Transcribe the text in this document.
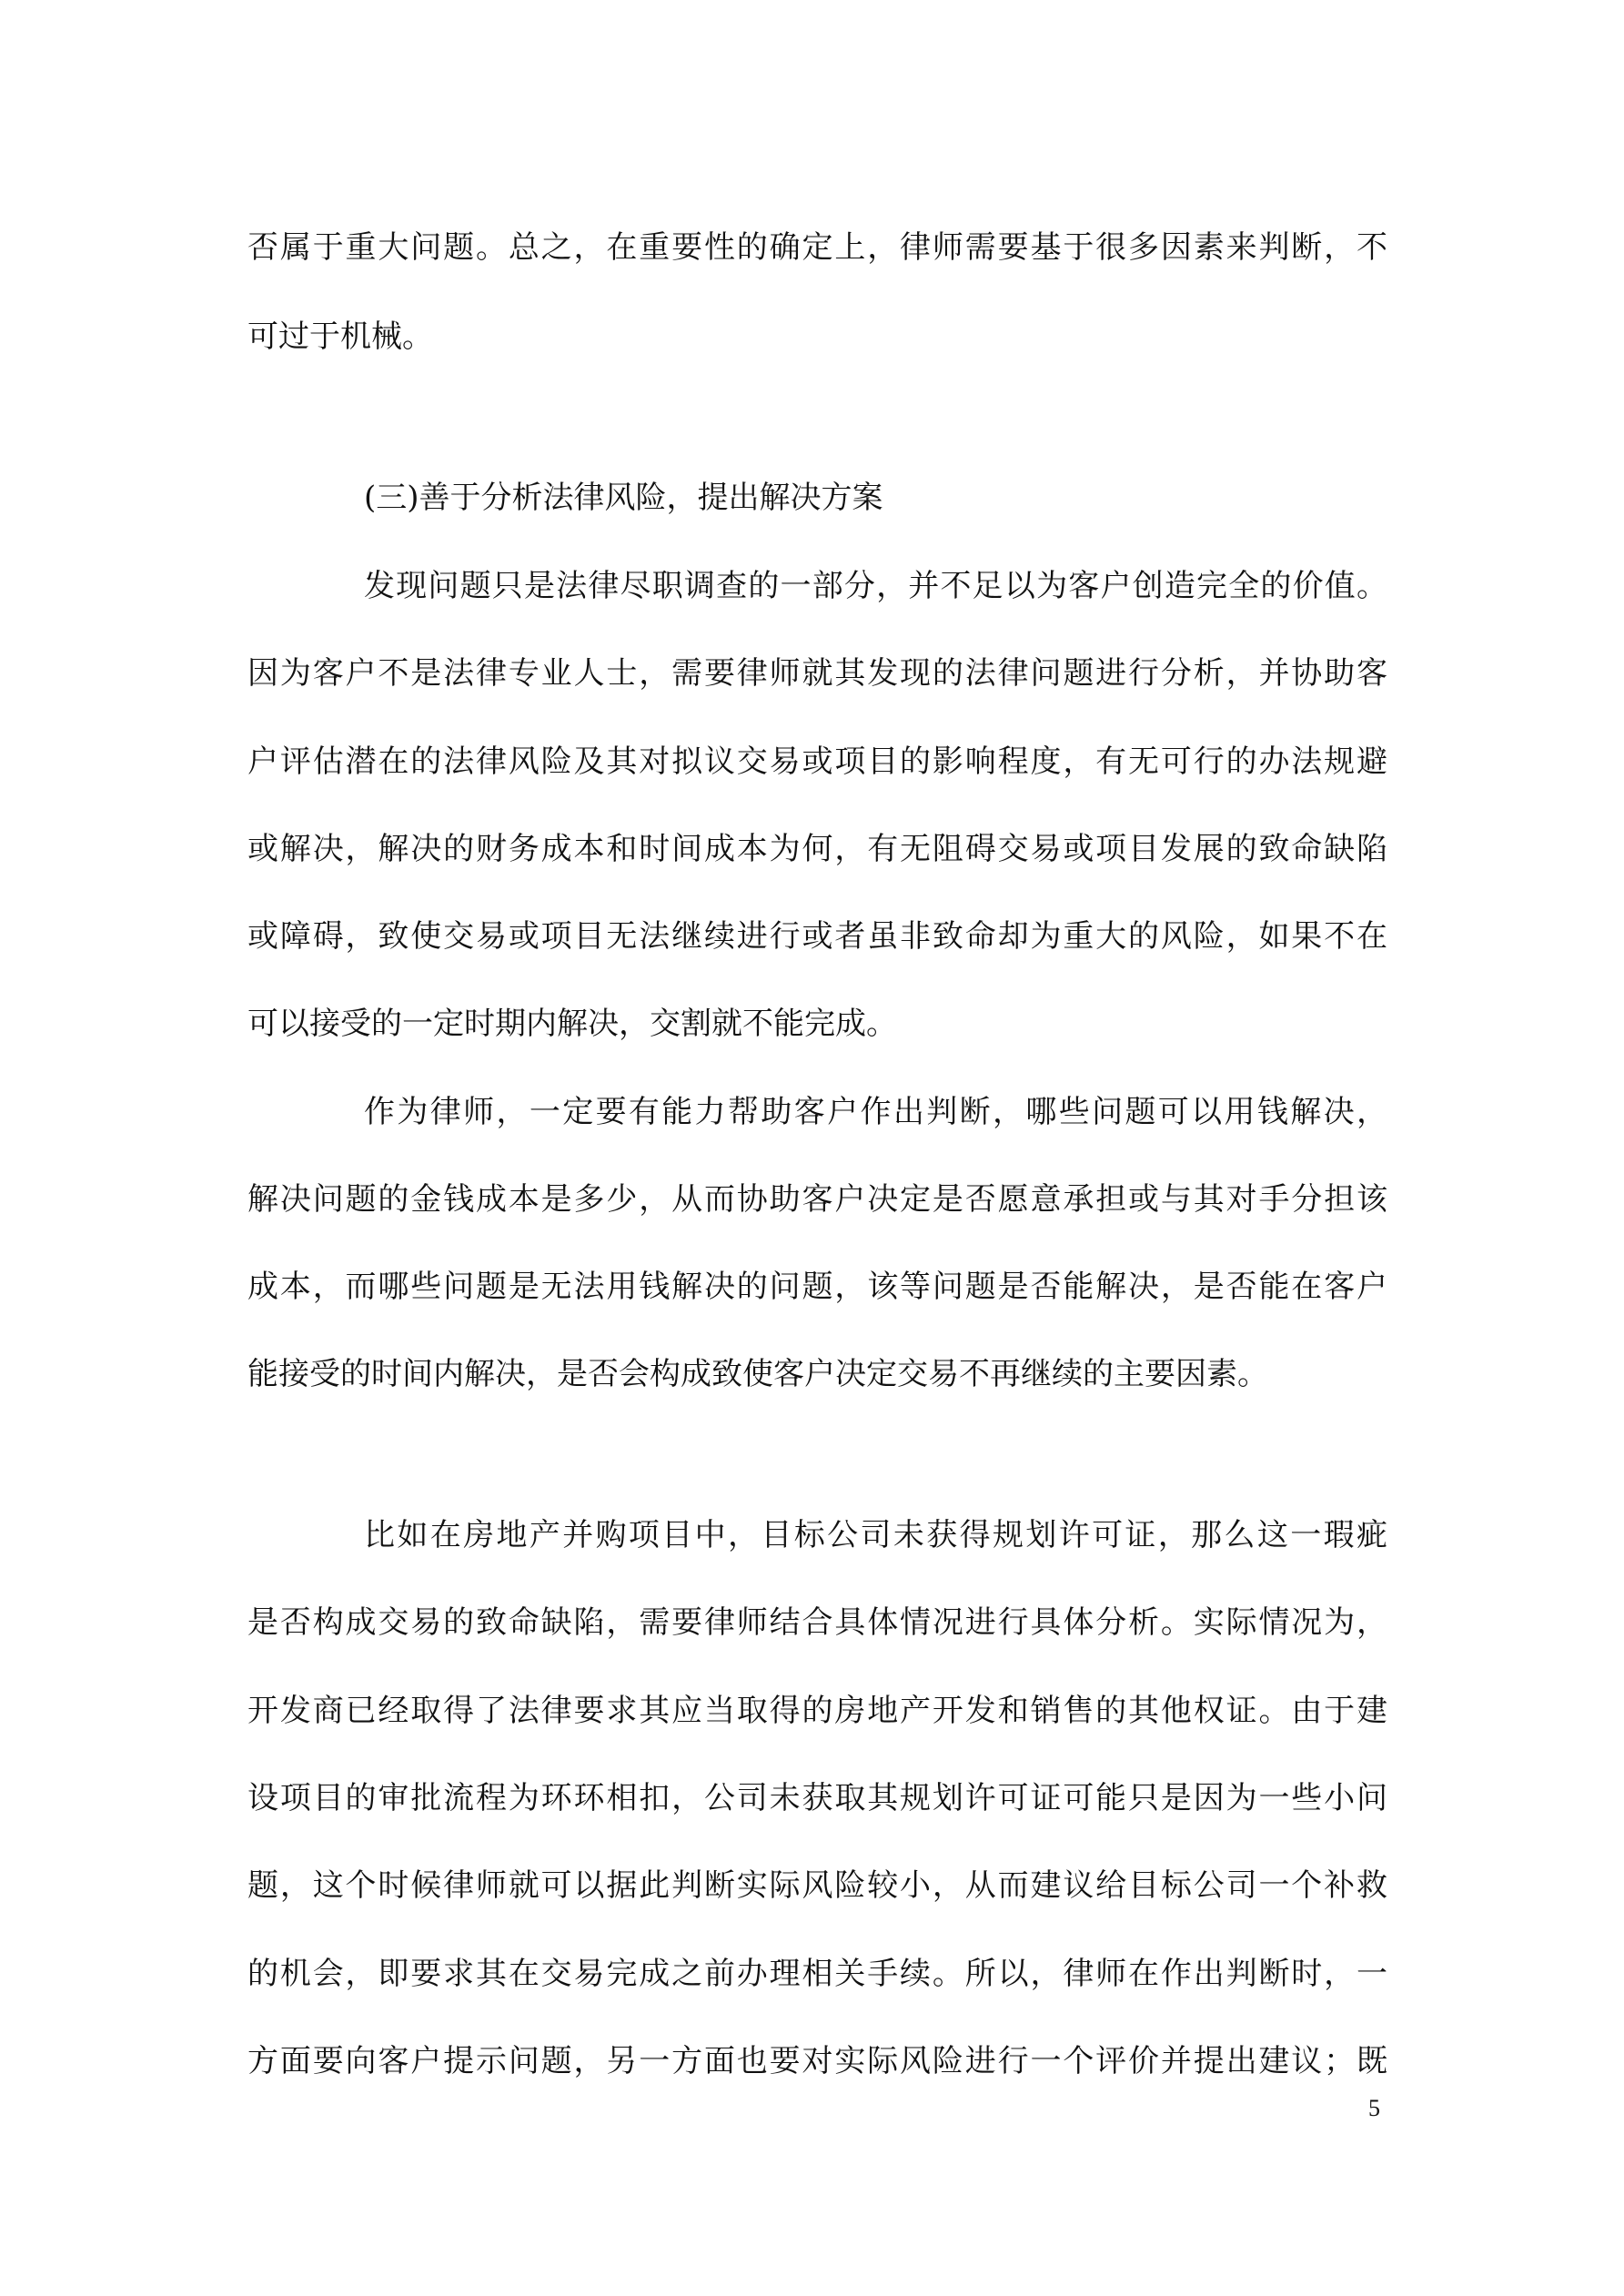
否属于重大问题。总之，在重要性的确定上，律师需要基于很多因素来判断，不
可过于机械。
(三)善于分析法律风险，提出解决方案
发现问题只是法律尽职调查的一部分，并不足以为客户创造完全的价值。
因为客户不是法律专业人士，需要律师就其发现的法律问题进行分析，并协助客
户评估潜在的法律风险及其对拟议交易或项目的影响程度，有无可行的办法规避
或解决，解决的财务成本和时间成本为何，有无阻碍交易或项目发展的致命缺陷
或障碍，致使交易或项目无法继续进行或者虽非致命却为重大的风险，如果不在
可以接受的一定时期内解决，交割就不能完成。
作为律师，一定要有能力帮助客户作出判断，哪些问题可以用钱解决，
解决问题的金钱成本是多少，从而协助客户决定是否愿意承担或与其对手分担该
成本，而哪些问题是无法用钱解决的问题，该等问题是否能解决，是否能在客户
能接受的时间内解决，是否会构成致使客户决定交易不再继续的主要因素。
比如在房地产并购项目中，目标公司未获得规划许可证，那么这一瑕疵
是否构成交易的致命缺陷，需要律师结合具体情况进行具体分析。实际情况为，
开发商已经取得了法律要求其应当取得的房地产开发和销售的其他权证。由于建
设项目的审批流程为环环相扣，公司未获取其规划许可证可能只是因为一些小问
题，这个时候律师就可以据此判断实际风险较小，从而建议给目标公司一个补救
的机会，即要求其在交易完成之前办理相关手续。所以，律师在作出判断时，一
方面要向客户提示问题，另一方面也要对实际风险进行一个评价并提出建议；既
5
